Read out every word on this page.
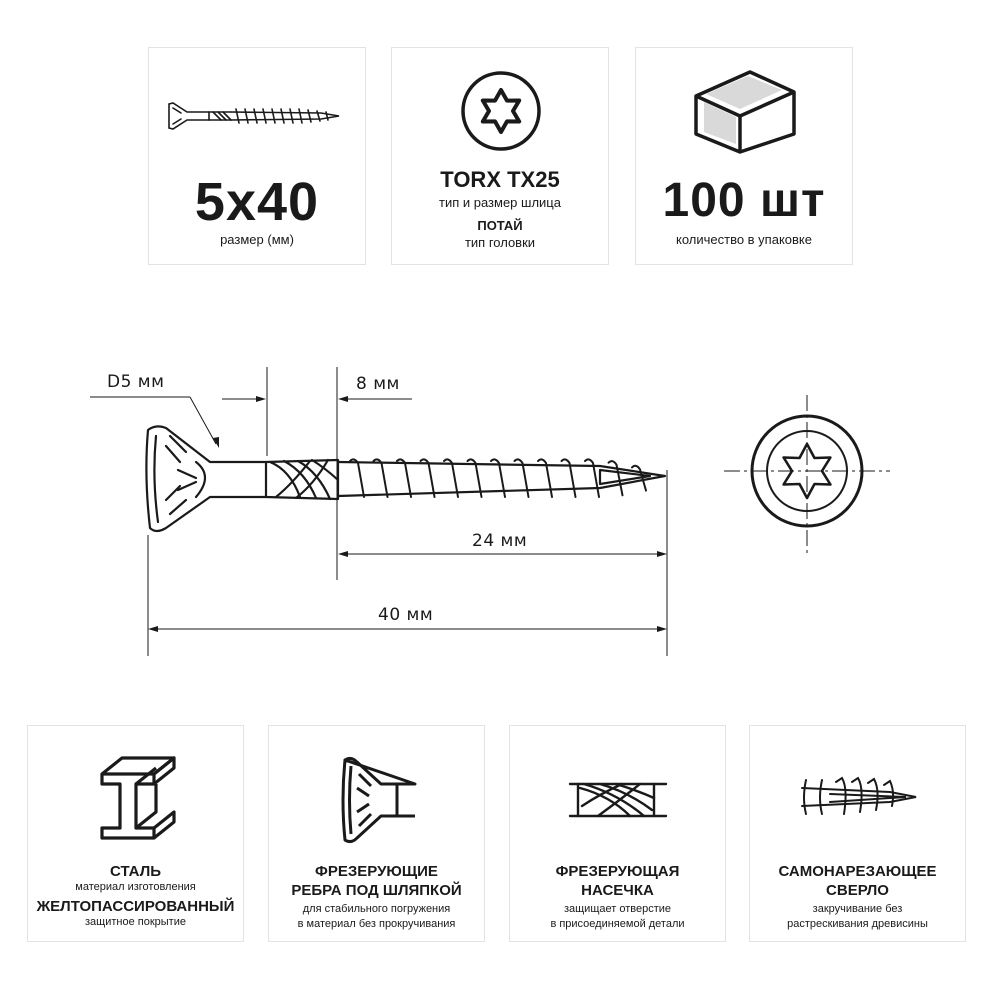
5x40
размер (мм)
TORX TX25
тип и размер шлица
ПОТАЙ
тип головки
100 шт
количество в упаковке
D5 мм	8 мм
24 мм
40 мм
СТАЛЬ
материал изготовления
ЖЕЛТОПАССИРОВАННЫЙ
защитное покрытие
ФРЕЗЕРУЮЩИЕ
РЕБРА ПОД ШЛЯПКОЙ
для стабильного погружения
в материал без прокручивания
ФРЕЗЕРУЮЩАЯ
НАСЕЧКА
защищает отверстие
в присоединяемой детали
САМОНАРЕЗАЮЩЕЕ
СВЕРЛО
закручивание без
растрескивания древисины
